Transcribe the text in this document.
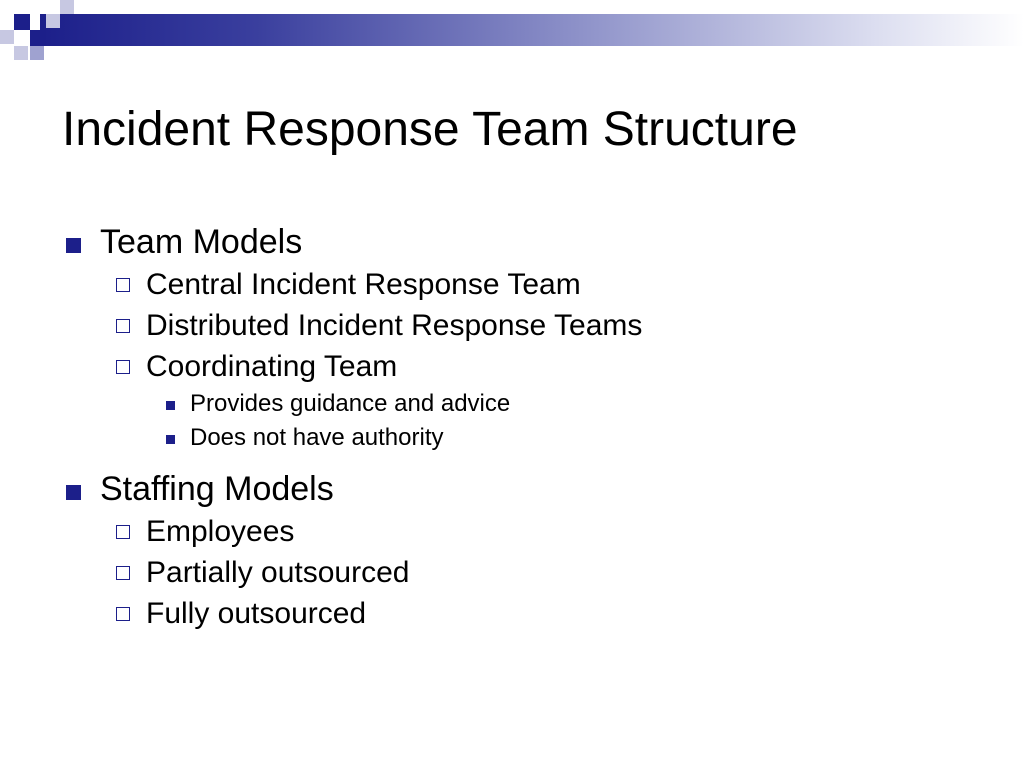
Incident Response Team Structure
Team Models
Central Incident Response Team
Distributed Incident Response Teams
Coordinating Team
Provides guidance and advice
Does not have authority
Staffing Models
Employees
Partially outsourced
Fully outsourced
